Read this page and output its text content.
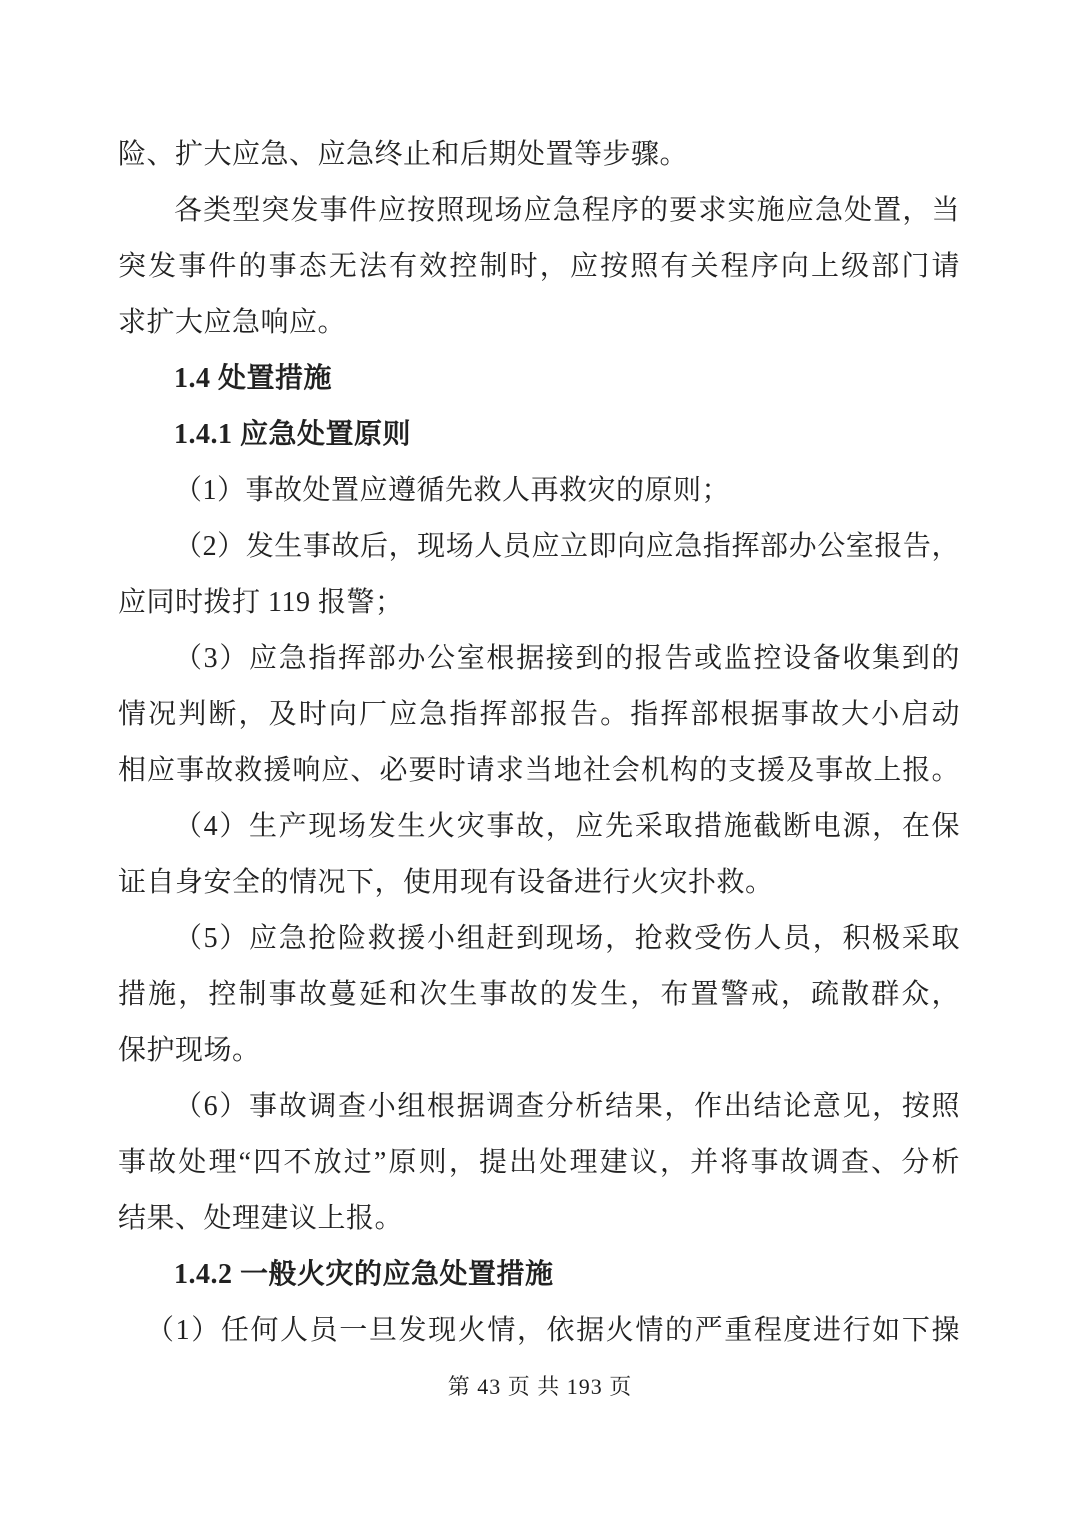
险、扩大应急、应急终止和后期处置等步骤。
各类型突发事件应按照现场应急程序的要求实施应急处置，当
突发事件的事态无法有效控制时，应按照有关程序向上级部门请
求扩大应急响应。
1.4 处置措施
1.4.1 应急处置原则
（1）事故处置应遵循先救人再救灾的原则；
（2）发生事故后，现场人员应立即向应急指挥部办公室报告，
应同时拨打 119 报警；
（3）应急指挥部办公室根据接到的报告或监控设备收集到的
情况判断，及时向厂应急指挥部报告。指挥部根据事故大小启动
相应事故救援响应、必要时请求当地社会机构的支援及事故上报。
（4）生产现场发生火灾事故，应先采取措施截断电源，在保
证自身安全的情况下，使用现有设备进行火灾扑救。
（5）应急抢险救援小组赶到现场，抢救受伤人员，积极采取
措施，控制事故蔓延和次生事故的发生，布置警戒，疏散群众，
保护现场。
（6）事故调查小组根据调查分析结果，作出结论意见，按照
事故处理“四不放过”原则，提出处理建议，并将事故调查、分析
结果、处理建议上报。
1.4.2 一般火灾的应急处置措施
（1）任何人员一旦发现火情，依据火情的严重程度进行如下操
第 43 页 共 193 页
